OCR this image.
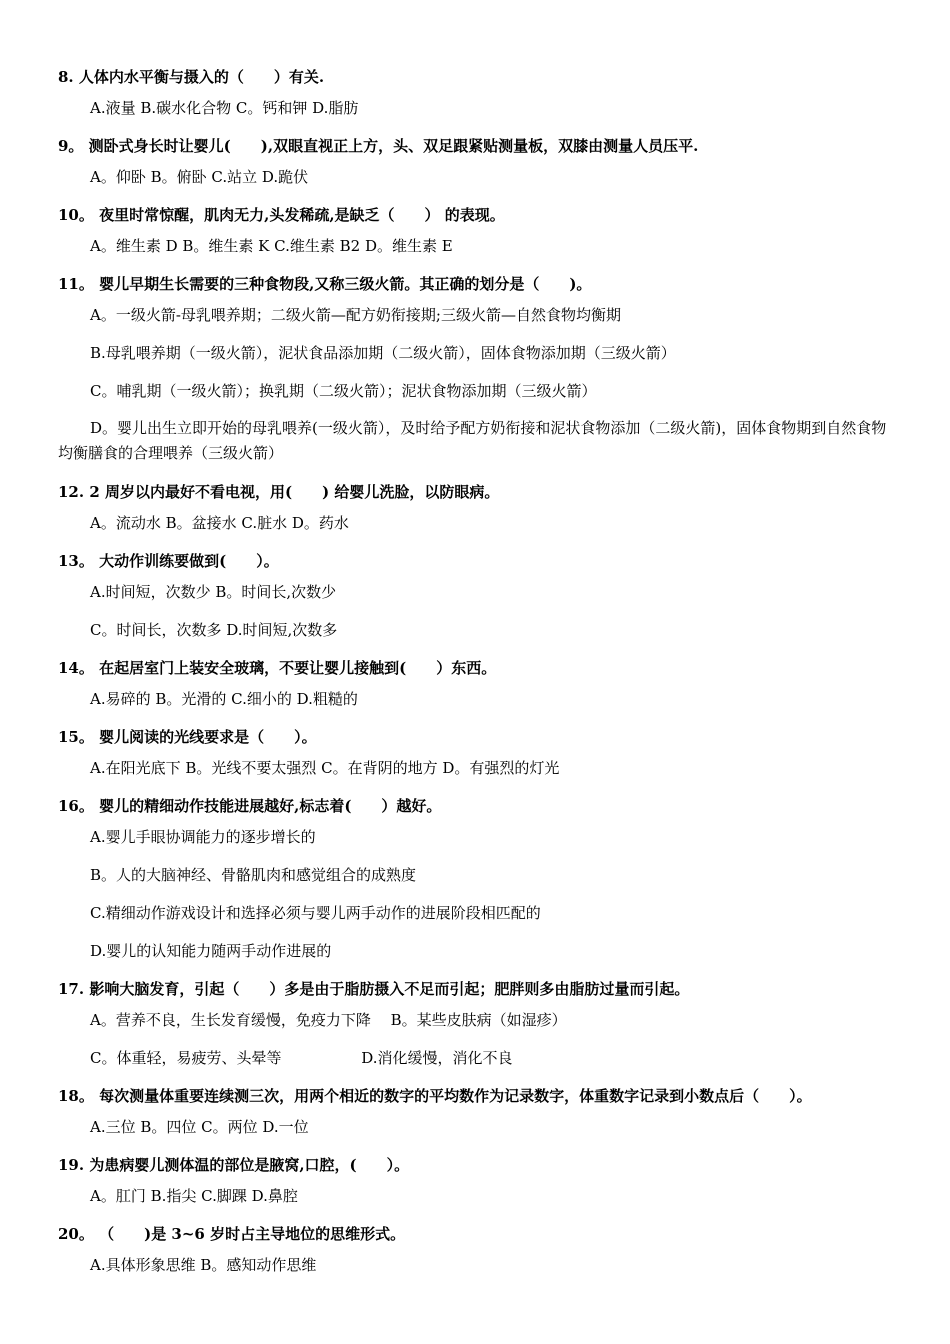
8. 人体内水平衡与摄入的（　　）有关.
A.液量 B.碳水化合物 C。钙和钾 D.脂肪
9。 测卧式身长时让婴儿(　　),双眼直视正上方，头、双足跟紧贴测量板，双膝由测量人员压平.
A。仰卧 B。俯卧 C.站立 D.跪伏
10。 夜里时常惊醒，肌肉无力,头发稀疏,是缺乏（　　） 的表现。
A。维生素 D B。维生素 K C.维生素 B2 D。维生素 E
11。 婴儿早期生长需要的三种食物段,又称三级火箭。其正确的划分是（　　)。
A。一级火箭-母乳喂养期；二级火箭—配方奶衔接期;三级火箭—自然食物均衡期
B.母乳喂养期（一级火箭），泥状食品添加期（二级火箭），固体食物添加期（三级火箭）
C。哺乳期（一级火箭）；换乳期（二级火箭）；泥状食物添加期（三级火箭）
D。婴儿出生立即开始的母乳喂养(一级火箭），及时给予配方奶衔接和泥状食物添加（二级火箭)，固体食物期到自然食物均衡膳食的合理喂养（三级火箭）
12. 2 周岁以内最好不看电视，用(　　) 给婴儿洗脸，以防眼病。
A。流动水 B。盆接水 C.脏水 D。药水
13。 大动作训练要做到(　　）。
A.时间短，次数少 B。时间长,次数少
C。时间长，次数多 D.时间短,次数多
14。 在起居室门上装安全玻璃，不要让婴儿接触到(　　）东西。
A.易碎的 B。光滑的 C.细小的 D.粗糙的
15。 婴儿阅读的光线要求是（　　）。
A.在阳光底下 B。光线不要太强烈 C。在背阴的地方 D。有强烈的灯光
16。 婴儿的精细动作技能进展越好,标志着(　　）越好。
A.婴儿手眼协调能力的逐步增长的
B。人的大脑神经、骨骼肌肉和感觉组合的成熟度
C.精细动作游戏设计和选择必须与婴儿两手动作的进展阶段相匹配的
D.婴儿的认知能力随两手动作进展的
17. 影响大脑发育，引起（　　）多是由于脂肪摄入不足而引起；肥胖则多由脂肪过量而引起。
A。营养不良，生长发育缓慢，免疫力下降　 B。某些皮肤病（如湿疹）
C。体重轻，易疲劳、头晕等　　　　　 D.消化缓慢，消化不良
18。 每次测量体重要连续测三次，用两个相近的数字的平均数作为记录数字，体重数字记录到小数点后（　　）。
A.三位 B。四位 C。两位 D.一位
19. 为患病婴儿测体温的部位是腋窝,口腔，(　　）。
A。肛门 B.指尖 C.脚踝 D.鼻腔
20。 （　　)是 3~6 岁时占主导地位的思维形式。
A.具体形象思维 B。感知动作思维
